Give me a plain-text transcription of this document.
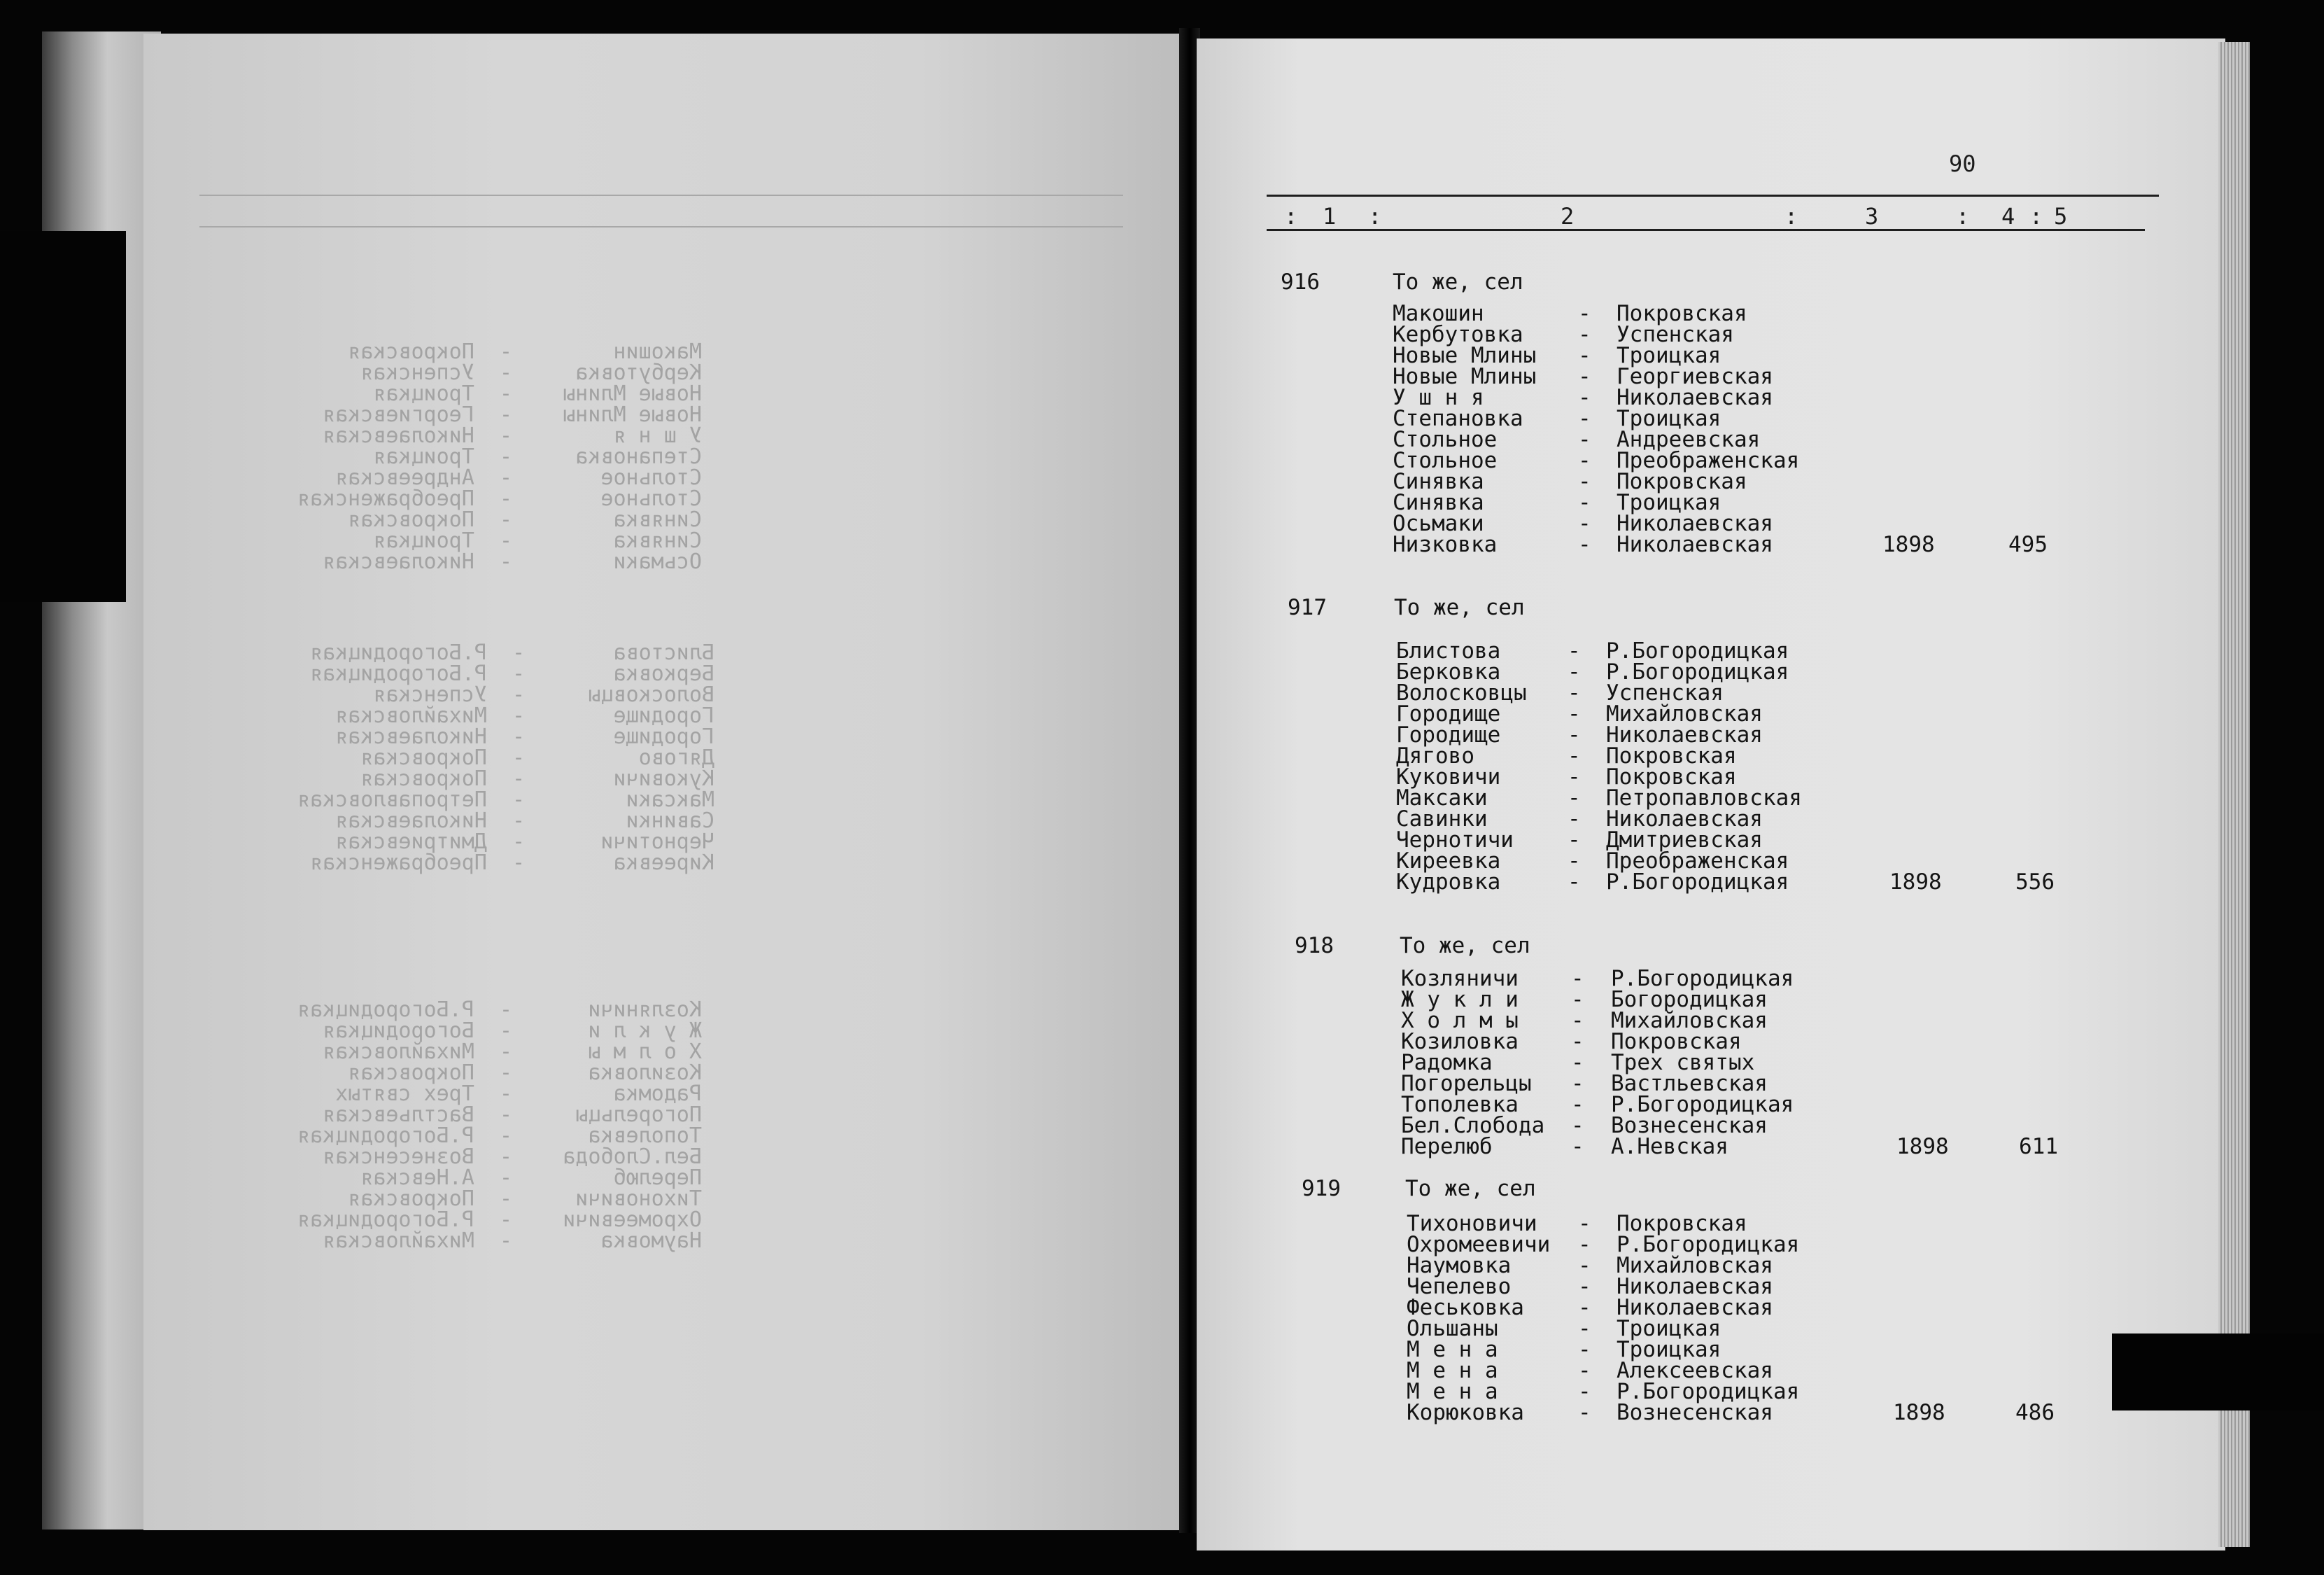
Макошин        -  Покровская
Кербутовка     -  Успенская
Новые Млины    -  Троицкая
Новые Млины    -  Георгиевская
У ш н я        -  Николаевская
Степановка     -  Троицкая
Стольное       -  Андреевская
Стольное       -  Преображенская
Синявка        -  Покровская
Синявка        -  Троицкая
Осьмаки        -  Николаевская
Блистова       -  Р.Богородицкая
Берковка       -  Р.Богородицкая
Волосковцы     -  Успенская
Городище       -  Михайловская
Городище       -  Николаевская
Дягово         -  Покровская
Куковичи       -  Покровская
Максаки        -  Петропавловская
Савинки        -  Николаевская
Чернотичи      -  Дмитриевская
Киреевка       -  Преображенская
Козляничи      -  Р.Богородицкая
Ж у к л и      -  Богородицкая
Х о л м ы      -  Михайловская
Козиловка      -  Покровская
Радомка        -  Трех святых
Погорельцы     -  Вастльевская
Тополевка      -  Р.Богородицкая
Бел.Слобода    -  Вознесенская
Перелюб        -  А.Невская
Тихоновичи     -  Покровская
Охромеевичи    -  Р.Богородицкая
Наумовка       -  Михайловская
90
: 1 :	2	:	3	: 4 : 5
916	То же, сел
Макошин	- Покровская
Кербутовка	- Успенская
Новые Млины - Троицкая
Новые Млины - Георгиевская
У ш н я	- Николаевская
Степановка	- Троицкая
Стольное	- Андреевская
Стольное	- Преображенская
Синявка	- Покровская
Синявка	- Троицкая
Осьмаки	- Николаевская
Низковка	- Николаевская	1898	495
917	То же, сел
Блистова	- Р.Богородицкая
Берковка	- Р.Богородицкая
Волосковцы - Успенская
Городище	- Михайловская
Городище	- Николаевская
Дягово	- Покровская
Куковичи	- Покровская
Максаки	- Петропавловская
Савинки	- Николаевская
Чернотичи - Дмитриевская
Киреевка	- Преображенская
Кудровка	- Р.Богородицкая	1898	556
918	То же, сел
Козляничи - Р.Богородицкая
Ж у к л и - Богородицкая
Х о л м ы - Михайловская
Козиловка - Покровская
Радомка	- Трех святых
Погорельцы - Вастльевская
Тополевка - Р.Богородицкая
Бел.Слобода - Вознесенская
Перелюб	- А.Невская	1898	611
919	То же, сел
Тихоновичи - Покровская
Охромеевичи - Р.Богородицкая
Наумовка	- Михайловская
Чепелево	- Николаевская
Феськовка - Николаевская
Ольшаны	- Троицкая
М е н а	- Троицкая
М е н а	- Алексеевская
М е н а	- Р.Богородицкая
Корюковка - Вознесенская	1898	486
